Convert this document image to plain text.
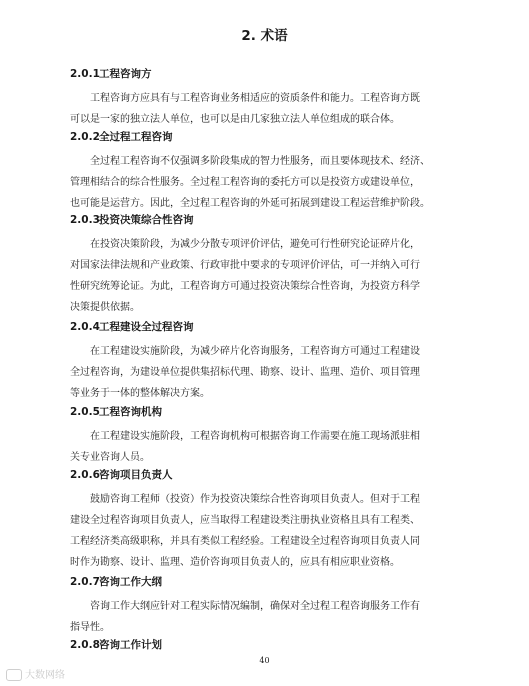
2. 术语
2.0.1工程咨询方
工程咨询方应具有与工程咨询业务相适应的资质条件和能力。工程咨询方既
可以是一家的独立法人单位，也可以是由几家独立法人单位组成的联合体。
2.0.2全过程工程咨询
全过程工程咨询不仅强调多阶段集成的智力性服务，而且要体现技术、经济、
管理相结合的综合性服务。全过程工程咨询的委托方可以是投资方或建设单位，
也可能是运营方。因此，全过程工程咨询的外延可拓展到建设工程运营维护阶段。
2.0.3投资决策综合性咨询
在投资决策阶段，为减少分散专项评价评估，避免可行性研究论证碎片化，
对国家法律法规和产业政策、行政审批中要求的专项评价评估，可一并纳入可行
性研究统筹论证。为此，工程咨询方可通过投资决策综合性咨询，为投资方科学
决策提供依据。
2.0.4工程建设全过程咨询
在工程建设实施阶段，为减少碎片化咨询服务，工程咨询方可通过工程建设
全过程咨询，为建设单位提供集招标代理、勘察、设计、监理、造价、项目管理
等业务于一体的整体解决方案。
2.0.5工程咨询机构
在工程建设实施阶段，工程咨询机构可根据咨询工作需要在施工现场派驻相
关专业咨询人员。
2.0.6咨询项目负责人
鼓励咨询工程师（投资）作为投资决策综合性咨询项目负责人。但对于工程
建设全过程咨询项目负责人，应当取得工程建设类注册执业资格且具有工程类、
工程经济类高级职称，并具有类似工程经验。工程建设全过程咨询项目负责人同
时作为勘察、设计、监理、造价咨询项目负责人的，应具有相应职业资格。
2.0.7咨询工作大纲
咨询工作大纲应针对工程实际情况编制，确保对全过程工程咨询服务工作有
指导性。
2.0.8咨询工作计划
40
大数网络
